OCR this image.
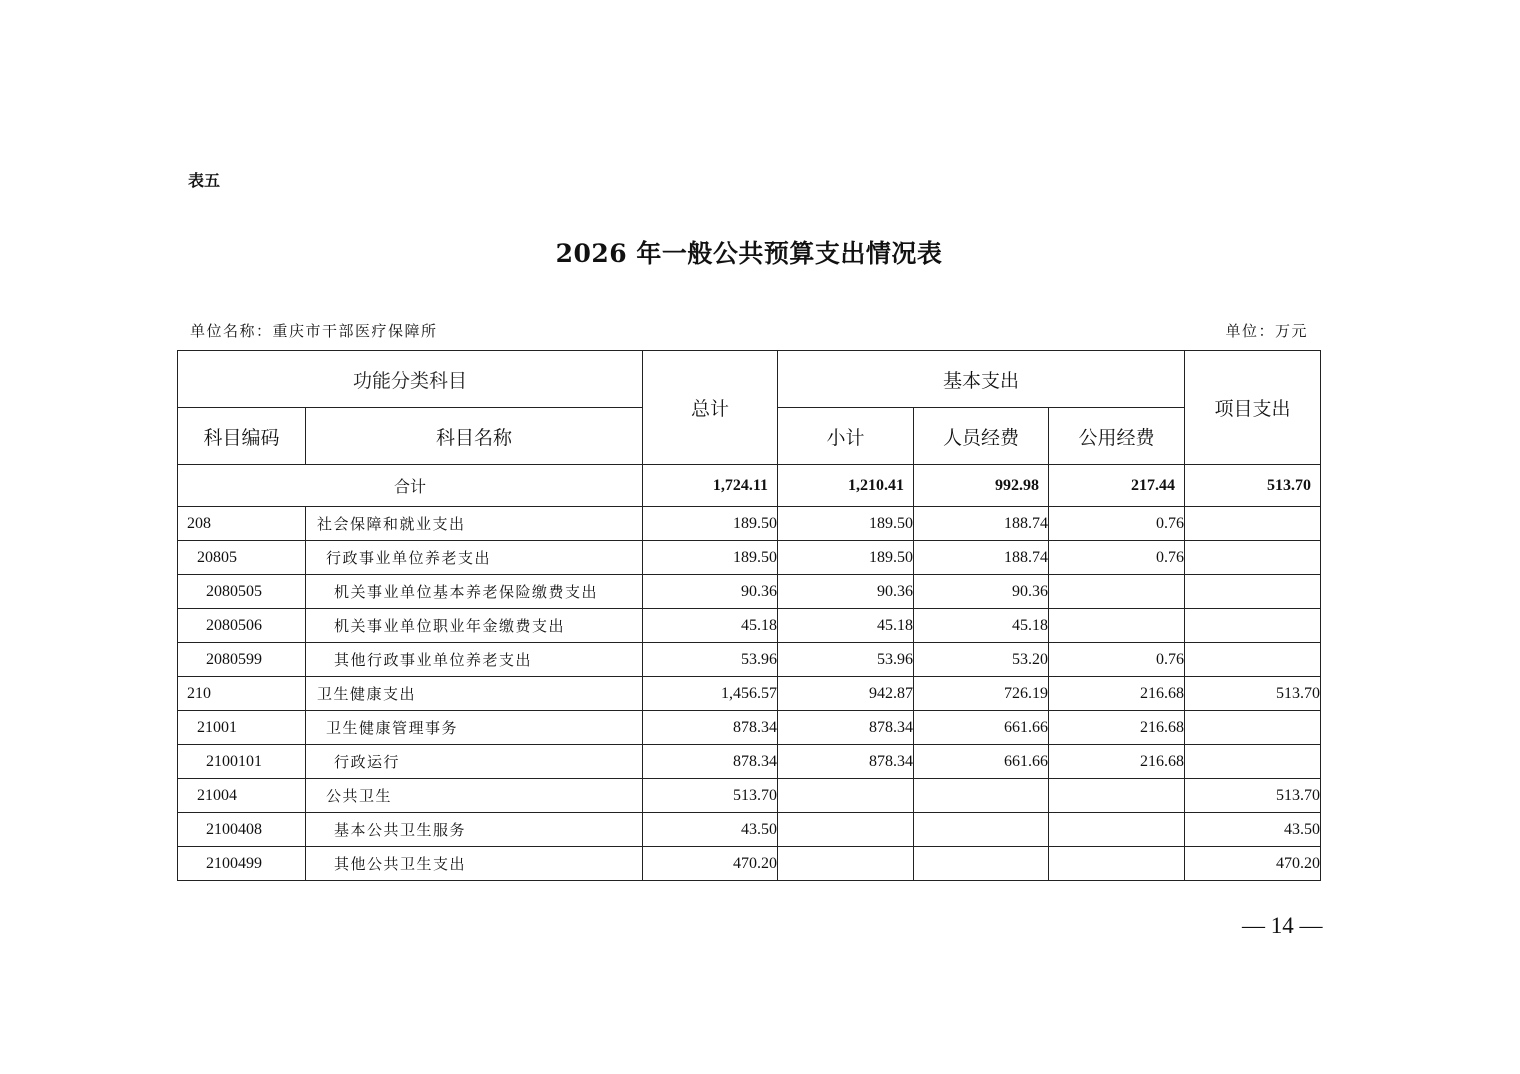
表五
2026 年一般公共预算支出情况表
单位名称：重庆市干部医疗保障所	单位：万元
功能分类科目		总计	基本支出			项目支出
科目编码	科目名称		小计	人员经费	公用经费	
合计		1,724.11	1,210.41	992.98	217.44	513.70
208	社会保障和就业支出	189.50	189.50	188.74	0.76	
20805	行政事业单位养老支出	189.50	189.50	188.74	0.76	
2080505	机关事业单位基本养老保险缴费支出	90.36	90.36	90.36		
2080506	机关事业单位职业年金缴费支出	45.18	45.18	45.18		
2080599	其他行政事业单位养老支出	53.96	53.96	53.20	0.76	
210	卫生健康支出	1,456.57	942.87	726.19	216.68	513.70
21001	卫生健康管理事务	878.34	878.34	661.66	216.68	
2100101	行政运行	878.34	878.34	661.66	216.68	
21004	公共卫生	513.70				513.70
2100408	基本公共卫生服务	43.50				43.50
2100499	其他公共卫生支出	470.20				470.20
— 14 —
